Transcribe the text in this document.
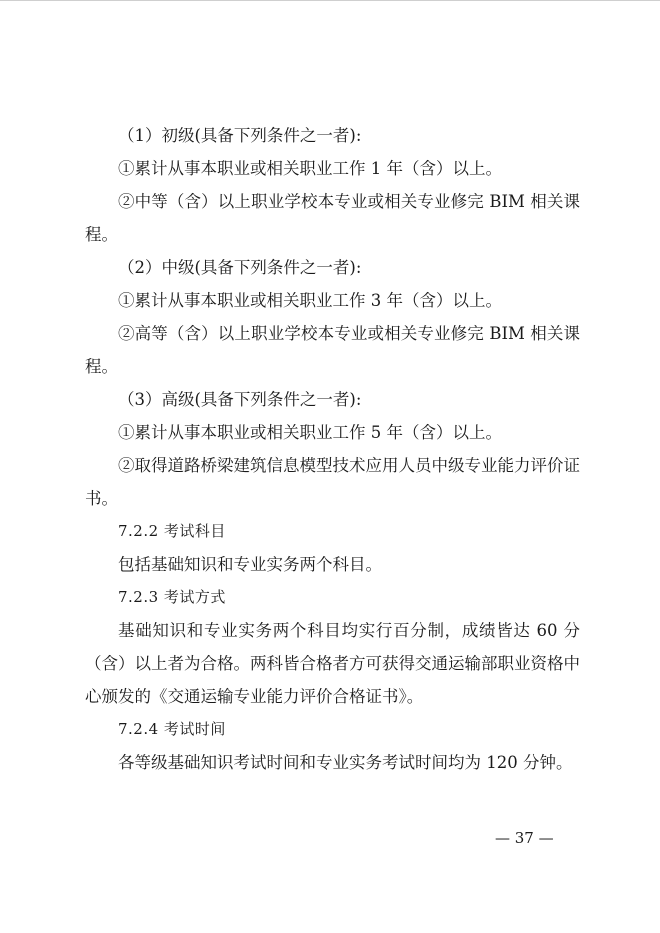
（1）初级(具备下列条件之一者):

①累计从事本职业或相关职业工作 1 年（含）以上。

②中等（含）以上职业学校本专业或相关专业修完 BIM 相关课程。

（2）中级(具备下列条件之一者):

①累计从事本职业或相关职业工作 3 年（含）以上。

②高等（含）以上职业学校本专业或相关专业修完 BIM 相关课程。

（3）高级(具备下列条件之一者):

①累计从事本职业或相关职业工作 5 年（含）以上。

②取得道路桥梁建筑信息模型技术应用人员中级专业能力评价证书。

7.2.2 考试科目

包括基础知识和专业实务两个科目。

7.2.3 考试方式

基础知识和专业实务两个科目均实行百分制，成绩皆达 60 分（含）以上者为合格。两科皆合格者方可获得交通运输部职业资格中心颁发的《交通运输专业能力评价合格证书》。

7.2.4 考试时间

各等级基础知识考试时间和专业实务考试时间均为 120 分钟。

— 37 —
